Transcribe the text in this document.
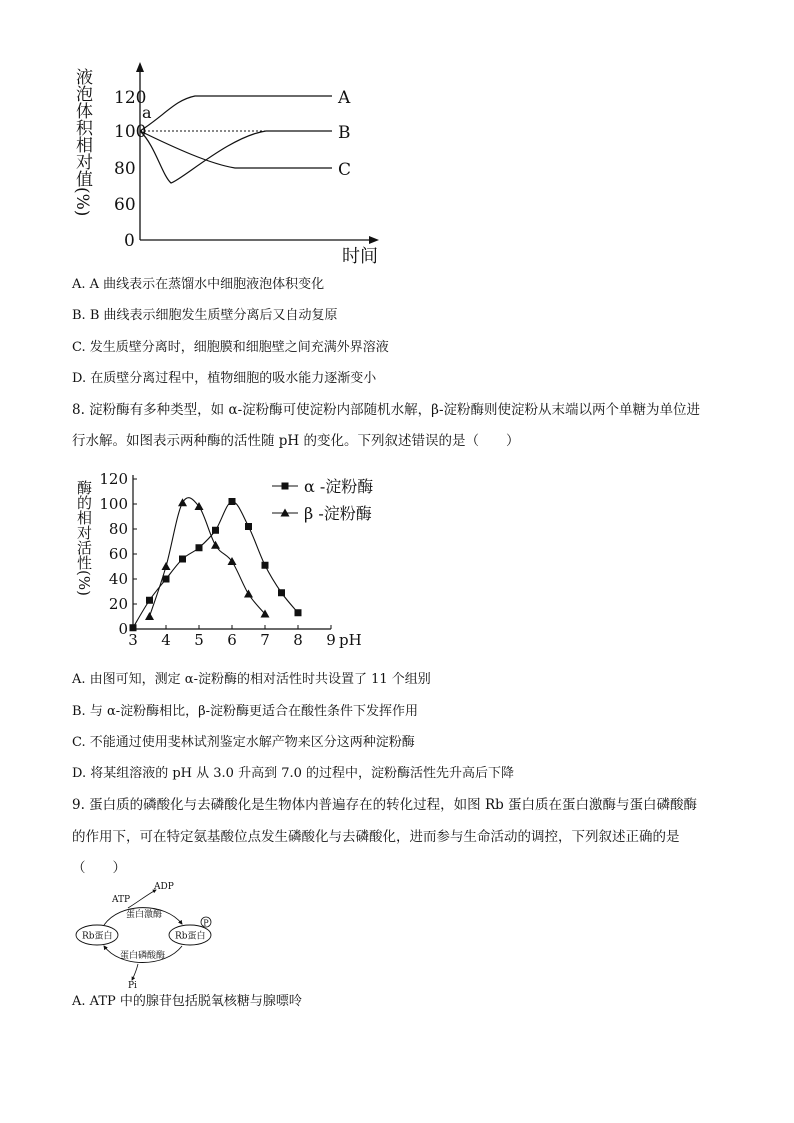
120
100
80
60
0
a
A
B
C
液泡体积相对值(%)
时间
A. A 曲线表示在蒸馏水中细胞液泡体积变化
B. B 曲线表示细胞发生质壁分离后又自动复原
C. 发生质壁分离时，细胞膜和细胞壁之间充满外界溶液
D. 在质壁分离过程中，植物细胞的吸水能力逐渐变小
8. 淀粉酶有多种类型，如 α-淀粉酶可使淀粉内部随机水解，β-淀粉酶则使淀粉从末端以两个单糖为单位进
行水解。如图表示两种酶的活性随 pH 的变化。下列叙述错误的是（　　）
0
20
40
60
80
100
120
3 4 5 6 7 8 9 pH
酶的相对活性(%)	α -淀粉酶
β -淀粉酶
A. 由图可知，测定 α-淀粉酶的相对活性时共设置了 11 个组别
B. 与 α-淀粉酶相比，β-淀粉酶更适合在酸性条件下发挥作用
C. 不能通过使用斐林试剂鉴定水解产物来区分这两种淀粉酶
D. 将某组溶液的 pH 从 3.0 升高到 7.0 的过程中，淀粉酶活性先升高后下降
9. 蛋白质的磷酸化与去磷酸化是生物体内普遍存在的转化过程，如图 Rb 蛋白质在蛋白激酶与蛋白磷酸酶
的作用下，可在特定氨基酸位点发生磷酸化与去磷酸化，进而参与生命活动的调控，下列叙述正确的是
（　　）
Rb蛋白	Rb蛋白
P
ATP
ADP
蛋白激酶
蛋白磷酸酶
Pi
A. ATP 中的腺苷包括脱氧核糖与腺嘌呤
